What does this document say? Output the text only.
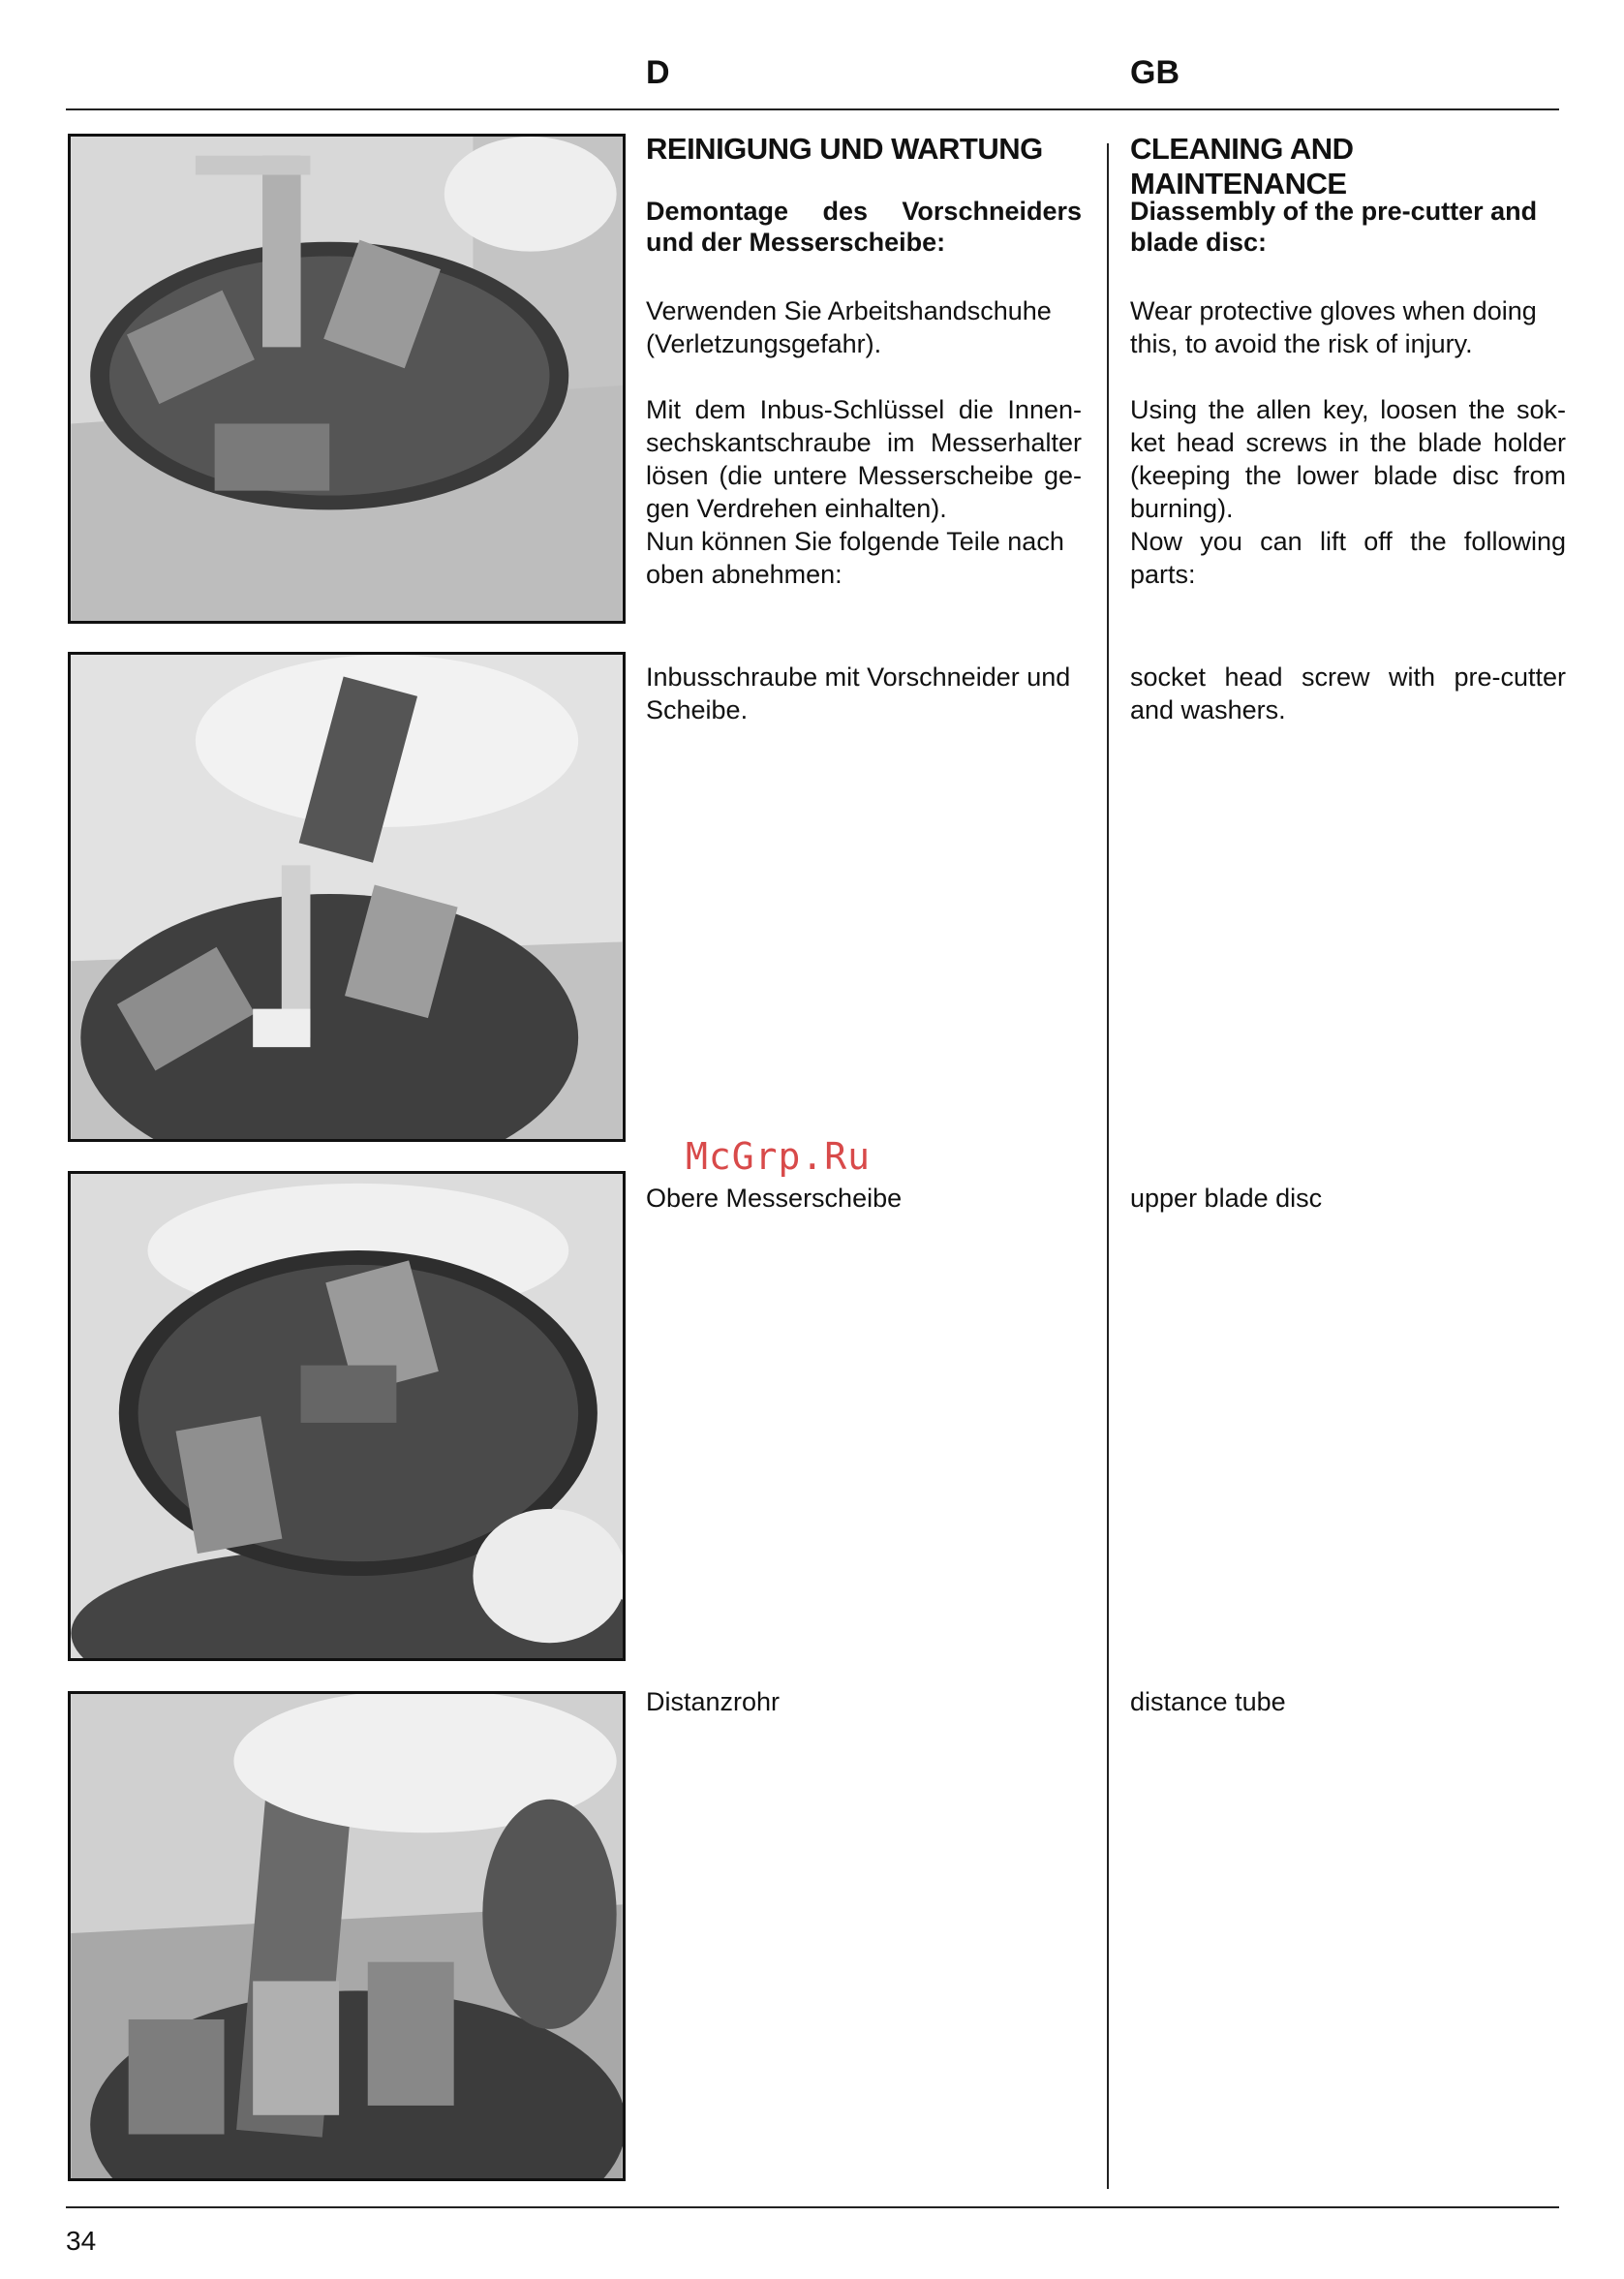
D	GB
REINIGUNG UND WARTUNG
Demontage des Vorschneiders und der Messerscheibe:

Verwenden Sie Arbeitshandschuhe (Verletzungsgefahr).

Mit dem Inbus-Schlüssel die Innen-sechskantschraube im Messerhalter lösen (die untere Messerscheibe ge-gen Verdrehen einhalten).

Nun können Sie folgende Teile nach oben abnehmen:

Inbusschraube mit Vorschneider und Scheibe.

Obere Messerscheibe

Distanzrohr

CLEANING AND MAINTENANCE
Diassembly of the pre-cutter and blade disc:

Wear protective gloves when doing this, to avoid the risk of injury.

Using the allen key, loosen the sok-ket head screws in the blade holder (keeping the lower blade disc from burning).

Now you can lift off the following parts:

socket head screw with pre-cutter and washers.

upper blade disc

distance tube

McGrp.Ru
34
